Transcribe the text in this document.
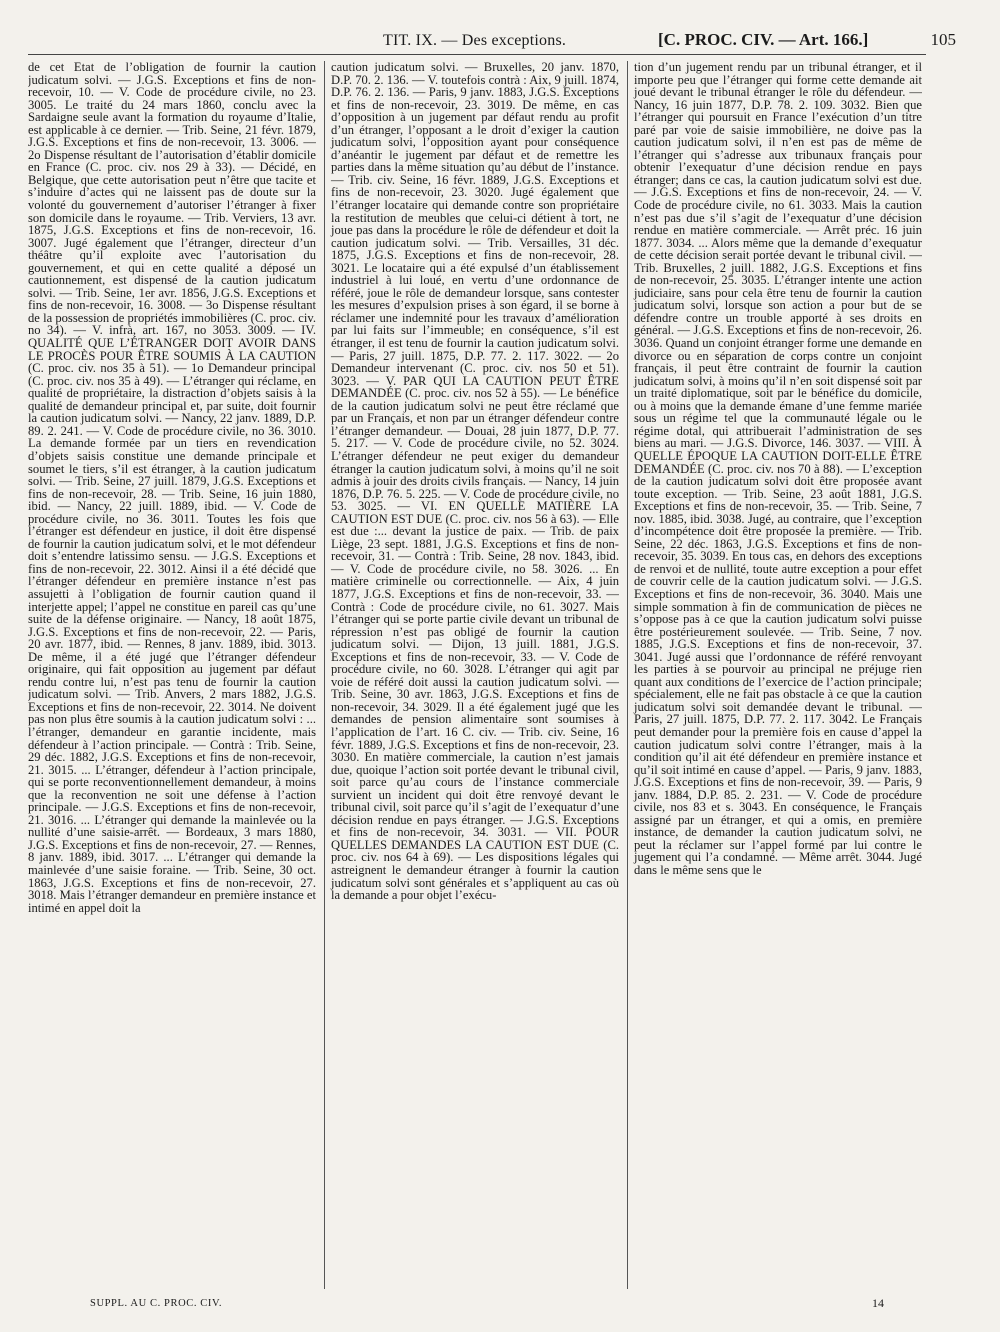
TIT. IX. — Des exceptions.	[C. PROC. CIV. — Art. 166.]	105

de cet Etat de l’obligation de fournir la caution judicatum solvi. — J.G.S. Exceptions et fins de non-recevoir, 10. — V. Code de procédure civile, no 23. 3005. Le traité du 24 mars 1860, conclu avec la Sardaigne seule avant la formation du royaume d’Italie, est applicable à ce dernier. — Trib. Seine, 21 févr. 1879, J.G.S. Exceptions et fins de non-recevoir, 13. 3006. — 2o Dispense résultant de l’autorisation d’établir domicile en France (C. proc. civ. nos 29 à 33). — Décidé, en Belgique, que cette autorisation peut n’être que tacite et s’induire d’actes qui ne laissent pas de doute sur la volonté du gouvernement d’autoriser l’étranger à fixer son domicile dans le royaume. — Trib. Verviers, 13 avr. 1875, J.G.S. Exceptions et fins de non-recevoir, 16. 3007. Jugé également que l’étranger, directeur d’un théâtre qu’il exploite avec l’autorisation du gouvernement, et qui en cette qualité a déposé un cautionnement, est dispensé de la caution judicatum solvi. — Trib. Seine, 1er avr. 1856, J.G.S. Exceptions et fins de non-recevoir, 16. 3008. — 3o Dispense résultant de la possession de propriétés immobilières (C. proc. civ. no 34). — V. infrà, art. 167, no 3053. 3009. — IV. QUALITÉ QUE L’ÉTRANGER DOIT AVOIR DANS LE PROCÈS POUR ÊTRE SOUMIS À LA CAUTION (C. proc. civ. nos 35 à 51). — 1o Demandeur principal (C. proc. civ. nos 35 à 49). — L’étranger qui réclame, en qualité de propriétaire, la distraction d’objets saisis à la qualité de demandeur principal et, par suite, doit fournir la caution judicatum solvi. — Nancy, 22 janv. 1889, D.P. 89. 2. 241. — V. Code de procédure civile, no 36. 3010. La demande formée par un tiers en revendication d’objets saisis constitue une demande principale et soumet le tiers, s’il est étranger, à la caution judicatum solvi. — Trib. Seine, 27 juill. 1879, J.G.S. Exceptions et fins de non-recevoir, 28. — Trib. Seine, 16 juin 1880, ibid. — Nancy, 22 juill. 1889, ibid. — V. Code de procédure civile, no 36. 3011. Toutes les fois que l’étranger est défendeur en justice, il doit être dispensé de fournir la caution judicatum solvi, et le mot défendeur doit s’entendre latissimo sensu. — J.G.S. Exceptions et fins de non-recevoir, 22. 3012. Ainsi il a été décidé que l’étranger défendeur en première instance n’est pas assujetti à l’obligation de fournir caution quand il interjette appel; l’appel ne constitue en pareil cas qu’une suite de la défense originaire. — Nancy, 18 août 1875, J.G.S. Exceptions et fins de non-recevoir, 22. — Paris, 20 avr. 1877, ibid. — Rennes, 8 janv. 1889, ibid. 3013. De même, il a été jugé que l’étranger défendeur originaire, qui fait opposition au jugement par défaut rendu contre lui, n’est pas tenu de fournir la caution judicatum solvi. — Trib. Anvers, 2 mars 1882, J.G.S. Exceptions et fins de non-recevoir, 22. 3014. Ne doivent pas non plus être soumis à la caution judicatum solvi : ... l’étranger, demandeur en garantie incidente, mais défendeur à l’action principale. — Contrà : Trib. Seine, 29 déc. 1882, J.G.S. Exceptions et fins de non-recevoir, 21. 3015. ... L’étranger, défendeur à l’action principale, qui se porte reconventionnellement demandeur, à moins que la reconvention ne soit une défense à l’action principale. — J.G.S. Exceptions et fins de non-recevoir, 21. 3016. ... L’étranger qui demande la mainlevée ou la nullité d’une saisie-arrêt. — Bordeaux, 3 mars 1880, J.G.S. Exceptions et fins de non-recevoir, 27. — Rennes, 8 janv. 1889, ibid. 3017. ... L’étranger qui demande la mainlevée d’une saisie foraine. — Trib. Seine, 30 oct. 1863, J.G.S. Exceptions et fins de non-recevoir, 27. 3018. Mais l’étranger demandeur en première instance et intimé en appel doit la

caution judicatum solvi. — Bruxelles, 20 janv. 1870, D.P. 70. 2. 136. — V. toutefois contrà : Aix, 9 juill. 1874, D.P. 76. 2. 136. — Paris, 9 janv. 1883, J.G.S. Exceptions et fins de non-recevoir, 23. 3019. De même, en cas d’opposition à un jugement par défaut rendu au profit d’un étranger, l’opposant a le droit d’exiger la caution judicatum solvi, l’opposition ayant pour conséquence d’anéantir le jugement par défaut et de remettre les parties dans la même situation qu’au début de l’instance. — Trib. civ. Seine, 16 févr. 1889, J.G.S. Exceptions et fins de non-recevoir, 23. 3020. Jugé également que l’étranger locataire qui demande contre son propriétaire la restitution de meubles que celui-ci détient à tort, ne joue pas dans la procédure le rôle de défendeur et doit la caution judicatum solvi. — Trib. Versailles, 31 déc. 1875, J.G.S. Exceptions et fins de non-recevoir, 28. 3021. Le locataire qui a été expulsé d’un établissement industriel à lui loué, en vertu d’une ordonnance de référé, joue le rôle de demandeur lorsque, sans contester les mesures d’expulsion prises à son égard, il se borne à réclamer une indemnité pour les travaux d’amélioration par lui faits sur l’immeuble; en conséquence, s’il est étranger, il est tenu de fournir la caution judicatum solvi. — Paris, 27 juill. 1875, D.P. 77. 2. 117. 3022. — 2o Demandeur intervenant (C. proc. civ. nos 50 et 51). 3023. — V. PAR QUI LA CAUTION PEUT ÊTRE DEMANDÉE (C. proc. civ. nos 52 à 55). — Le bénéfice de la caution judicatum solvi ne peut être réclamé que par un Français, et non par un étranger défendeur contre l’étranger demandeur. — Douai, 28 juin 1877, D.P. 77. 5. 217. — V. Code de procédure civile, no 52. 3024. L’étranger défendeur ne peut exiger du demandeur étranger la caution judicatum solvi, à moins qu’il ne soit admis à jouir des droits civils français. — Nancy, 14 juin 1876, D.P. 76. 5. 225. — V. Code de procédure civile, no 53. 3025. — VI. EN QUELLE MATIÈRE LA CAUTION EST DUE (C. proc. civ. nos 56 à 63). — Elle est due :... devant la justice de paix. — Trib. de paix Liège, 23 sept. 1881, J.G.S. Exceptions et fins de non-recevoir, 31. — Contrà : Trib. Seine, 28 nov. 1843, ibid. — V. Code de procédure civile, no 58. 3026. ... En matière criminelle ou correctionnelle. — Aix, 4 juin 1877, J.G.S. Exceptions et fins de non-recevoir, 33. — Contrà : Code de procédure civile, no 61. 3027. Mais l’étranger qui se porte partie civile devant un tribunal de répression n’est pas obligé de fournir la caution judicatum solvi. — Dijon, 13 juill. 1881, J.G.S. Exceptions et fins de non-recevoir, 33. — V. Code de procédure civile, no 60. 3028. L’étranger qui agit par voie de référé doit aussi la caution judicatum solvi. — Trib. Seine, 30 avr. 1863, J.G.S. Exceptions et fins de non-recevoir, 34. 3029. Il a été également jugé que les demandes de pension alimentaire sont soumises à l’application de l’art. 16 C. civ. — Trib. civ. Seine, 16 févr. 1889, J.G.S. Exceptions et fins de non-recevoir, 23. 3030. En matière commerciale, la caution n’est jamais due, quoique l’action soit portée devant le tribunal civil, soit parce qu’au cours de l’instance commerciale survient un incident qui doit être renvoyé devant le tribunal civil, soit parce qu’il s’agit de l’exequatur d’une décision rendue en pays étranger. — J.G.S. Exceptions et fins de non-recevoir, 34. 3031. — VII. POUR QUELLES DEMANDES LA CAUTION EST DUE (C. proc. civ. nos 64 à 69). — Les dispositions légales qui astreignent le demandeur étranger à fournir la caution judicatum solvi sont générales et s’appliquent au cas où la demande a pour objet l’exécu-

tion d’un jugement rendu par un tribunal étranger, et il importe peu que l’étranger qui forme cette demande ait joué devant le tribunal étranger le rôle du défendeur. — Nancy, 16 juin 1877, D.P. 78. 2. 109. 3032. Bien que l’étranger qui poursuit en France l’exécution d’un titre paré par voie de saisie immobilière, ne doive pas la caution judicatum solvi, il n’en est pas de même de l’étranger qui s’adresse aux tribunaux français pour obtenir l’exequatur d’une décision rendue en pays étranger; dans ce cas, la caution judicatum solvi est due. — J.G.S. Exceptions et fins de non-recevoir, 24. — V. Code de procédure civile, no 61. 3033. Mais la caution n’est pas due s’il s’agit de l’exequatur d’une décision rendue en matière commerciale. — Arrêt préc. 16 juin 1877. 3034. ... Alors même que la demande d’exequatur de cette décision serait portée devant le tribunal civil. — Trib. Bruxelles, 2 juill. 1882, J.G.S. Exceptions et fins de non-recevoir, 25. 3035. L’étranger intente une action judiciaire, sans pour cela être tenu de fournir la caution judicatum solvi, lorsque son action a pour but de se défendre contre un trouble apporté à ses droits en général. — J.G.S. Exceptions et fins de non-recevoir, 26. 3036. Quand un conjoint étranger forme une demande en divorce ou en séparation de corps contre un conjoint français, il peut être contraint de fournir la caution judicatum solvi, à moins qu’il n’en soit dispensé soit par un traité diplomatique, soit par le bénéfice du domicile, ou à moins que la demande émane d’une femme mariée sous un régime tel que la communauté légale ou le régime dotal, qui attribuerait l’administration de ses biens au mari. — J.G.S. Divorce, 146. 3037. — VIII. À QUELLE ÉPOQUE LA CAUTION DOIT-ELLE ÊTRE DEMANDÉE (C. proc. civ. nos 70 à 88). — L’exception de la caution judicatum solvi doit être proposée avant toute exception. — Trib. Seine, 23 août 1881, J.G.S. Exceptions et fins de non-recevoir, 35. — Trib. Seine, 7 nov. 1885, ibid. 3038. Jugé, au contraire, que l’exception d’incompétence doit être proposée la première. — Trib. Seine, 22 déc. 1863, J.G.S. Exceptions et fins de non-recevoir, 35. 3039. En tous cas, en dehors des exceptions de renvoi et de nullité, toute autre exception a pour effet de couvrir celle de la caution judicatum solvi. — J.G.S. Exceptions et fins de non-recevoir, 36. 3040. Mais une simple sommation à fin de communication de pièces ne s’oppose pas à ce que la caution judicatum solvi puisse être postérieurement soulevée. — Trib. Seine, 7 nov. 1885, J.G.S. Exceptions et fins de non-recevoir, 37. 3041. Jugé aussi que l’ordonnance de référé renvoyant les parties à se pourvoir au principal ne préjuge rien quant aux conditions de l’exercice de l’action principale; spécialement, elle ne fait pas obstacle à ce que la caution judicatum solvi soit demandée devant le tribunal. — Paris, 27 juill. 1875, D.P. 77. 2. 117. 3042. Le Français peut demander pour la première fois en cause d’appel la caution judicatum solvi contre l’étranger, mais à la condition qu’il ait été défendeur en première instance et qu’il soit intimé en cause d’appel. — Paris, 9 janv. 1883, J.G.S. Exceptions et fins de non-recevoir, 39. — Paris, 9 janv. 1884, D.P. 85. 2. 231. — V. Code de procédure civile, nos 83 et s. 3043. En conséquence, le Français assigné par un étranger, et qui a omis, en première instance, de demander la caution judicatum solvi, ne peut la réclamer sur l’appel formé par lui contre le jugement qui l’a condamné. — Même arrêt. 3044. Jugé dans le même sens que le

SUPPL. AU C. PROC. CIV.	14
